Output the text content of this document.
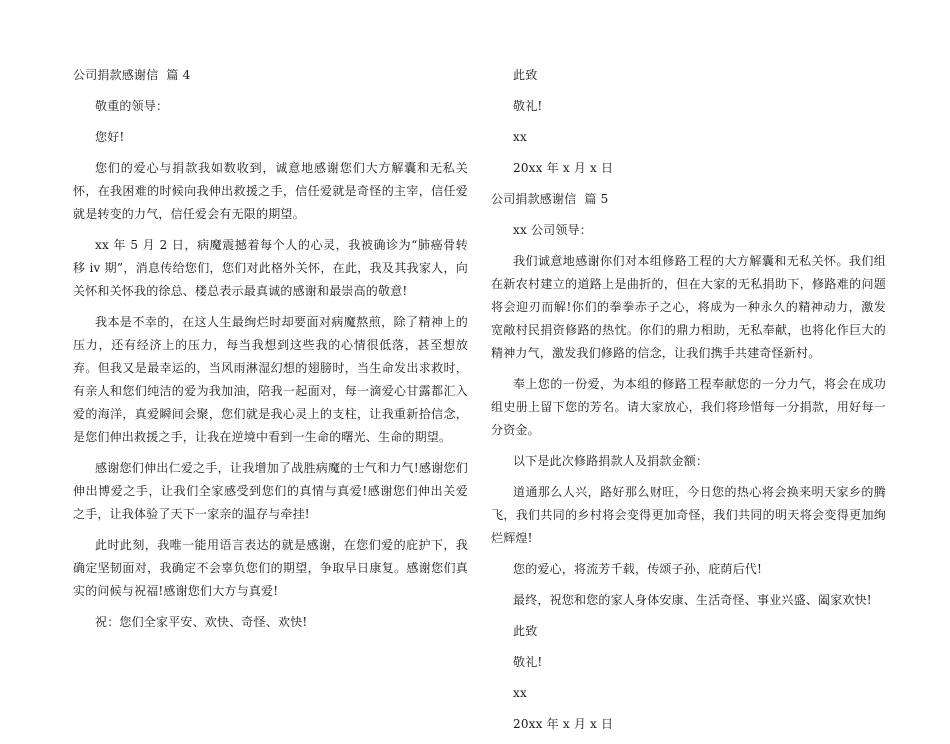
公司捐款感谢信  篇 4
敬重的领导：
您好!
您们的爱心与捐款我如数收到，诚意地感谢您们大方解囊和无私关怀，在我困难的时候向我伸出救援之手，信任爱就是奇怪的主宰，信任爱就是转变的力气，信任爱会有无限的期望。
xx 年 5 月 2 日，病魔震撼着每个人的心灵，我被确诊为“肺癌骨转移 iv 期”，消息传给您们，您们对此格外关怀，在此，我及其我家人，向关怀和关怀我的徐总、楼总表示最真诚的感谢和最崇高的敬意!
我本是不幸的，在这人生最绚烂时却要面对病魔熬煎，除了精神上的压力，还有经济上的压力，每当我想到这些我的心情很低落，甚至想放弃。但我又是最幸运的，当风雨淋湿幻想的翅膀时，当生命发出求救时，有亲人和您们纯洁的爱为我加油，陪我一起面对，每一滴爱心甘露都汇入爱的海洋，真爱瞬间会聚，您们就是我心灵上的支柱，让我重新拾信念，是您们伸出救援之手，让我在逆境中看到一生命的曙光、生命的期望。
感谢您们伸出仁爱之手，让我增加了战胜病魔的士气和力气!感谢您们伸出博爱之手，让我们全家感受到您们的真情与真爱!感谢您们伸出关爱之手，让我体验了天下一家亲的温存与牵挂!
此时此刻，我唯一能用语言表达的就是感谢，在您们爱的庇护下，我确定坚韧面对，我确定不会辜负您们的期望，争取早日康复。感谢您们真实的问候与祝福!感谢您们大方与真爱!
祝：您们全家平安、欢快、奇怪、欢快!
此致
敬礼!
xx
20xx 年 x 月 x 日
公司捐款感谢信  篇 5
xx 公司领导：
我们诚意地感谢你们对本组修路工程的大方解囊和无私关怀。我们组在新农村建立的道路上是曲折的，但在大家的无私捐助下，修路难的问题将会迎刃而解!你们的拳拳赤子之心，将成为一种永久的精神动力，激发宽敞村民捐资修路的热忱。你们的鼎力相助，无私奉献，也将化作巨大的精神力气，激发我们修路的信念，让我们携手共建奇怪新村。
奉上您的一份爱，为本组的修路工程奉献您的一分力气，将会在成功组史册上留下您的芳名。请大家放心，我们将珍惜每一分捐款，用好每一分资金。
以下是此次修路捐款人及捐款金额：
道通那么人兴，路好那么财旺，今日您的热心将会换来明天家乡的腾飞，我们共同的乡村将会变得更加奇怪，我们共同的明天将会变得更加绚烂辉煌!
您的爱心，将流芳千载，传颂子孙，庇荫后代!
最终，祝您和您的家人身体安康、生活奇怪、事业兴盛、阖家欢快!
此致
敬礼!
xx
20xx 年 x 月 x 日
